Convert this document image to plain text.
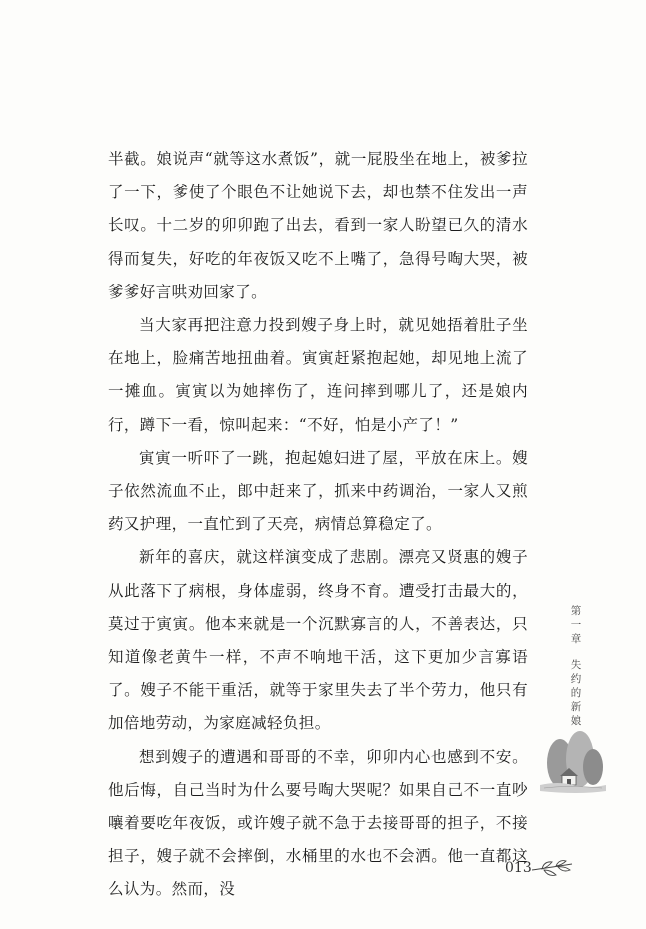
半截。娘说声“就等这水煮饭”，就一屁股坐在地上，被爹拉了一下，爹使了个眼色不让她说下去，却也禁不住发出一声长叹。十二岁的卯卯跑了出去，看到一家人盼望已久的清水得而复失，好吃的年夜饭又吃不上嘴了，急得号啕大哭，被爹爹好言哄劝回家了。

当大家再把注意力投到嫂子身上时，就见她捂着肚子坐在地上，脸痛苦地扭曲着。寅寅赶紧抱起她，却见地上流了一摊血。寅寅以为她摔伤了，连问摔到哪儿了，还是娘内行，蹲下一看，惊叫起来：“不好，怕是小产了！”

寅寅一听吓了一跳，抱起媳妇进了屋，平放在床上。嫂子依然流血不止，郎中赶来了，抓来中药调治，一家人又煎药又护理，一直忙到了天亮，病情总算稳定了。

新年的喜庆，就这样演变成了悲剧。漂亮又贤惠的嫂子从此落下了病根，身体虚弱，终身不育。遭受打击最大的，莫过于寅寅。他本来就是一个沉默寡言的人，不善表达，只知道像老黄牛一样，不声不响地干活，这下更加少言寡语了。嫂子不能干重活，就等于家里失去了半个劳力，他只有加倍地劳动，为家庭减轻负担。

想到嫂子的遭遇和哥哥的不幸，卯卯内心也感到不安。他后悔，自己当时为什么要号啕大哭呢？如果自己不一直吵嚷着要吃年夜饭，或许嫂子就不急于去接哥哥的担子，不接担子，嫂子就不会摔倒，水桶里的水也不会洒。他一直都这么认为。然而，没

第
一
章
失
约
的
新
娘
013
